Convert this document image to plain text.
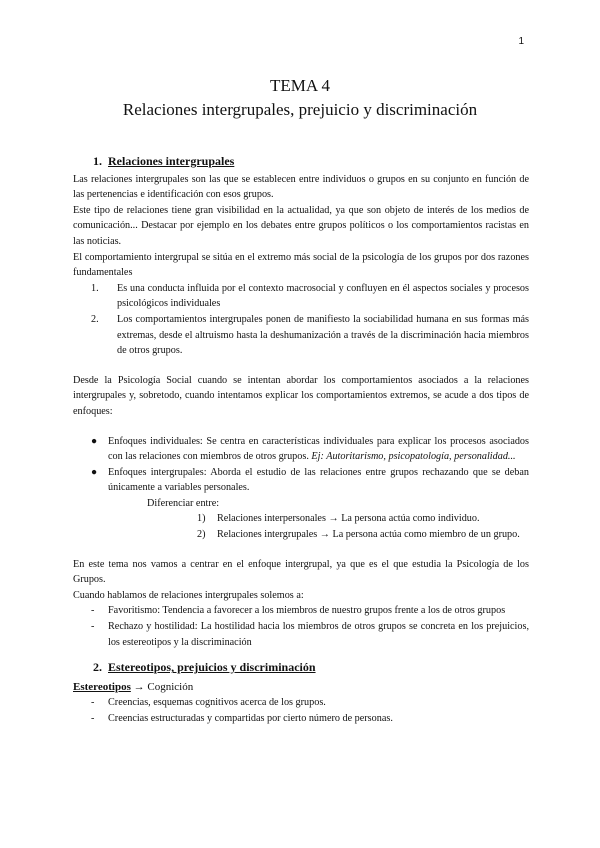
1
TEMA 4
Relaciones intergrupales, prejuicio y discriminación
1. Relaciones intergrupales

Las relaciones intergrupales son las que se establecen entre individuos o grupos en su conjunto en función de las pertenencias e identificación con esos grupos.

Este tipo de relaciones tiene gran visibilidad en la actualidad, ya que son objeto de interés de los medios de comunicación... Destacar por ejemplo en los debates entre grupos políticos o los comportamientos racistas en las noticias.

El comportamiento intergrupal se sitúa en el extremo más social de la psicología de los grupos por dos razones fundamentales

1.	Es una conducta influida por el contexto macrosocial y confluyen en él aspectos sociales y procesos psicológicos individuales
2.	Los comportamientos intergrupales ponen de manifiesto la sociabilidad humana en sus formas más extremas, desde el altruismo hasta la deshumanización a través de la discriminación hacia miembros de otros grupos.

Desde la Psicología Social cuando se intentan abordar los comportamientos asociados a la relaciones intergrupales y, sobretodo, cuando intentamos explicar los comportamientos extremos, se acude a dos tipos de enfoques:

●	Enfoques individuales: Se centra en características individuales para explicar los procesos asociados con las relaciones con miembros de otros grupos. Ej: Autoritarismo, psicopatología, personalidad...
●	Enfoques intergrupales: Aborda el estudio de las relaciones entre grupos rechazando que se deban únicamente a variables personales.
Diferenciar entre:
1)	Relaciones interpersonales → La persona actúa como individuo.
2)	Relaciones intergrupales → La persona actúa como miembro de un grupo.

En este tema nos vamos a centrar en el enfoque intergrupal, ya que es el que estudia la Psicología de los Grupos.

Cuando hablamos de relaciones intergrupales solemos a:

-	Favoritismo: Tendencia a favorecer a los miembros de nuestro grupos frente a los de otros grupos
-	Rechazo y hostilidad: La hostilidad hacia los miembros de otros grupos se concreta en los prejuicios, los estereotipos y la discriminación
2. Estereotipos, prejuicios y discriminación
Estereotipos → Cognición
-	Creencias, esquemas cognitivos acerca de los grupos.
-	Creencias estructuradas y compartidas por cierto número de personas.
